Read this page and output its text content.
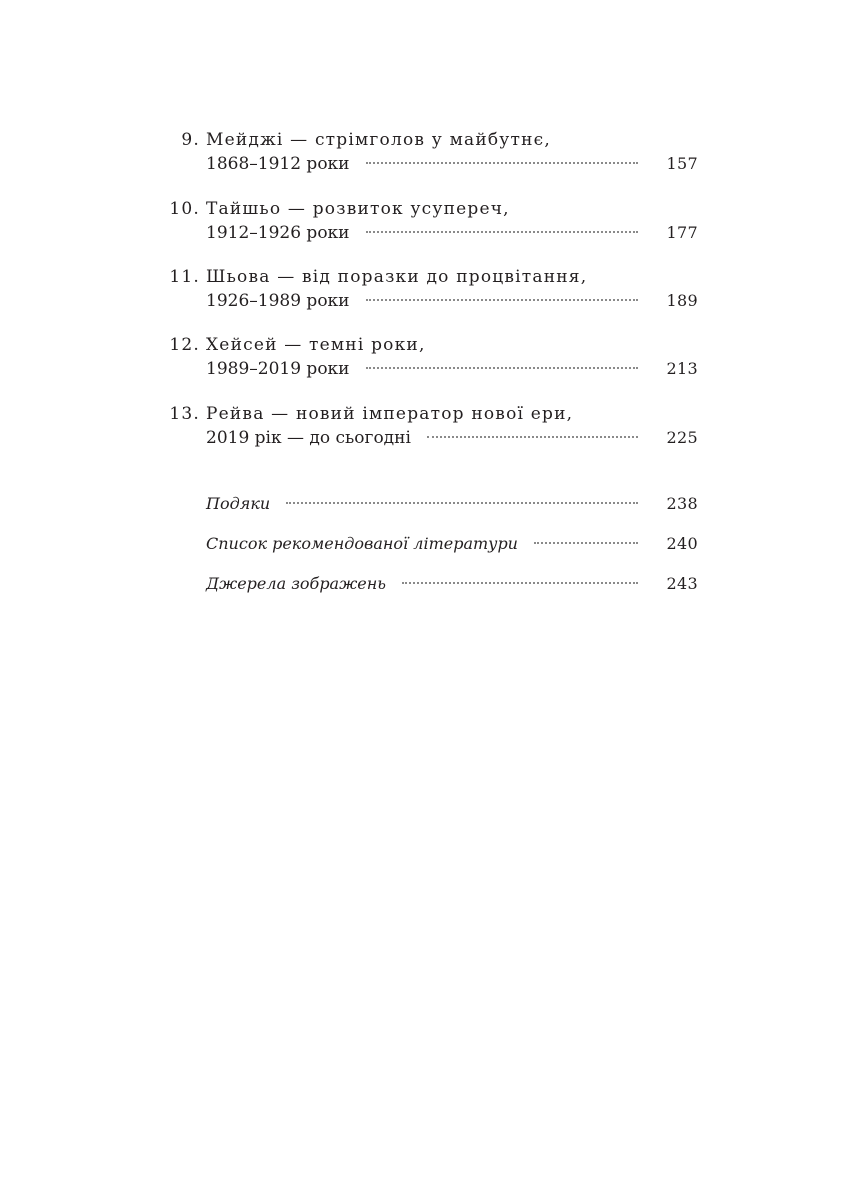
9. Мейджі — стрімголов у майбутнє,
1868–1912 роки	157
10. Тайшьо — розвиток усупереч,
1912–1926 роки	177
11. Шьова — від поразки до процвітання,
1926–1989 роки	189
12. Хейсей — темні роки,
1989–2019 роки	213
13. Рейва — новий імператор нової ери,
2019 рік — до сьогодні	225
Подяки	238
Список рекомендованої літератури	240
Джерела зображень	243
